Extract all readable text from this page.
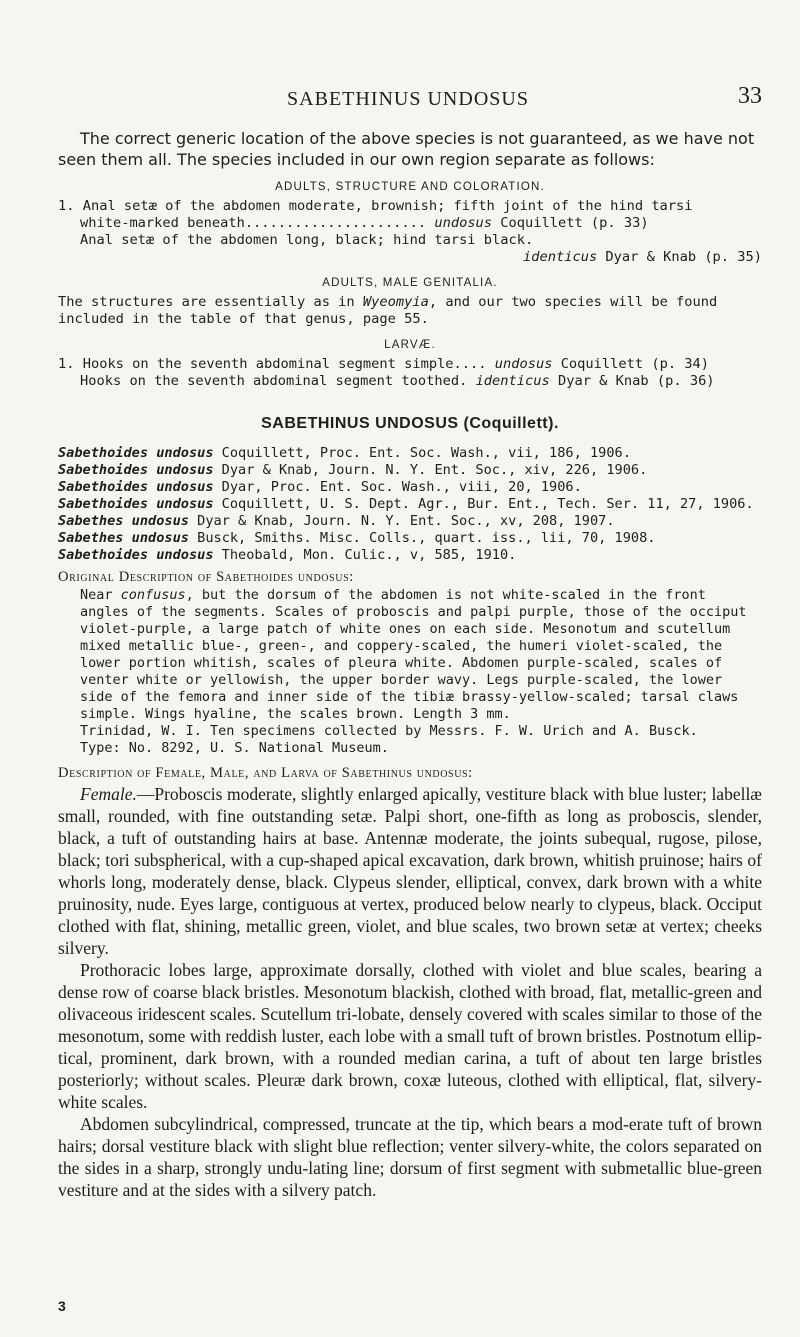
SABETHINUS UNDOSUS	33

The correct generic location of the above species is not guaranteed, as we have not seen them all. The species included in our own region separate as follows:

ADULTS, STRUCTURE AND COLORATION.
1. Anal setæ of the abdomen moderate, brownish; fifth joint of the hind tarsi
white-marked beneath...................... undosus Coquillett (p. 33)
Anal setæ of the abdomen long, black; hind tarsi black.
identicus Dyar & Knab (p. 35)
ADULTS, MALE GENITALIA.
The structures are essentially as in Wyeomyia, and our two species will be found included in the table of that genus, page 55.
LARVÆ.
1. Hooks on the seventh abdominal segment simple.... undosus Coquillett (p. 34)
Hooks on the seventh abdominal segment toothed. identicus Dyar & Knab (p. 36)
SABETHINUS UNDOSUS (Coquillett).
Sabethoides undosus Coquillett, Proc. Ent. Soc. Wash., vii, 186, 1906.
Sabethoides undosus Dyar & Knab, Journ. N. Y. Ent. Soc., xiv, 226, 1906.
Sabethoides undosus Dyar, Proc. Ent. Soc. Wash., viii, 20, 1906.
Sabethoides undosus Coquillett, U. S. Dept. Agr., Bur. Ent., Tech. Ser. 11, 27, 1906.
Sabethes undosus Dyar & Knab, Journ. N. Y. Ent. Soc., xv, 208, 1907.
Sabethes undosus Busck, Smiths. Misc. Colls., quart. iss., lii, 70, 1908.
Sabethoides undosus Theobald, Mon. Culic., v, 585, 1910.
Original Description of Sabethoides undosus:

Near confusus, but the dorsum of the abdomen is not white-scaled in the front angles of the segments. Scales of proboscis and palpi purple, those of the occiput violet-purple, a large patch of white ones on each side. Mesonotum and scutellum mixed metallic blue-, green-, and coppery-scaled, the humeri violet-scaled, the lower portion whitish, scales of pleura white. Abdomen purple-scaled, scales of venter white or yellowish, the upper border wavy. Legs purple-scaled, the lower side of the femora and inner side of the tibiæ brassy-yellow-scaled; tarsal claws simple. Wings hyaline, the scales brown. Length 3 mm.

Trinidad, W. I. Ten specimens collected by Messrs. F. W. Urich and A. Busck.

Type: No. 8292, U. S. National Museum.

Description of Female, Male, and Larva of Sabethinus undosus:

Female.—Proboscis moderate, slightly enlarged apically, vestiture black with blue luster; labellæ small, rounded, with fine outstanding setæ. Palpi short, one-fifth as long as proboscis, slender, black, a tuft of outstanding hairs at base. Antennæ moderate, the joints subequal, rugose, pilose, black; tori subspherical, with a cup-shaped apical excavation, dark brown, whitish pruinose; hairs of whorls long, moderately dense, black. Clypeus slender, elliptical, convex, dark brown with a white pruinosity, nude. Eyes large, contiguous at vertex, produced below nearly to clypeus, black. Occiput clothed with flat, shining, metallic green, violet, and blue scales, two brown setæ at vertex; cheeks silvery.

Prothoracic lobes large, approximate dorsally, clothed with violet and blue scales, bearing a dense row of coarse black bristles. Mesonotum blackish, clothed with broad, flat, metallic-green and olivaceous iridescent scales. Scutellum tri-lobate, densely covered with scales similar to those of the mesonotum, some with reddish luster, each lobe with a small tuft of brown bristles. Postnotum ellip-tical, prominent, dark brown, with a rounded median carina, a tuft of about ten large bristles posteriorly; without scales. Pleuræ dark brown, coxæ luteous, clothed with elliptical, flat, silvery-white scales.

Abdomen subcylindrical, compressed, truncate at the tip, which bears a mod-erate tuft of brown hairs; dorsal vestiture black with slight blue reflection; venter silvery-white, the colors separated on the sides in a sharp, strongly undu-lating line; dorsum of first segment with submetallic blue-green vestiture and at the sides with a silvery patch.

3
